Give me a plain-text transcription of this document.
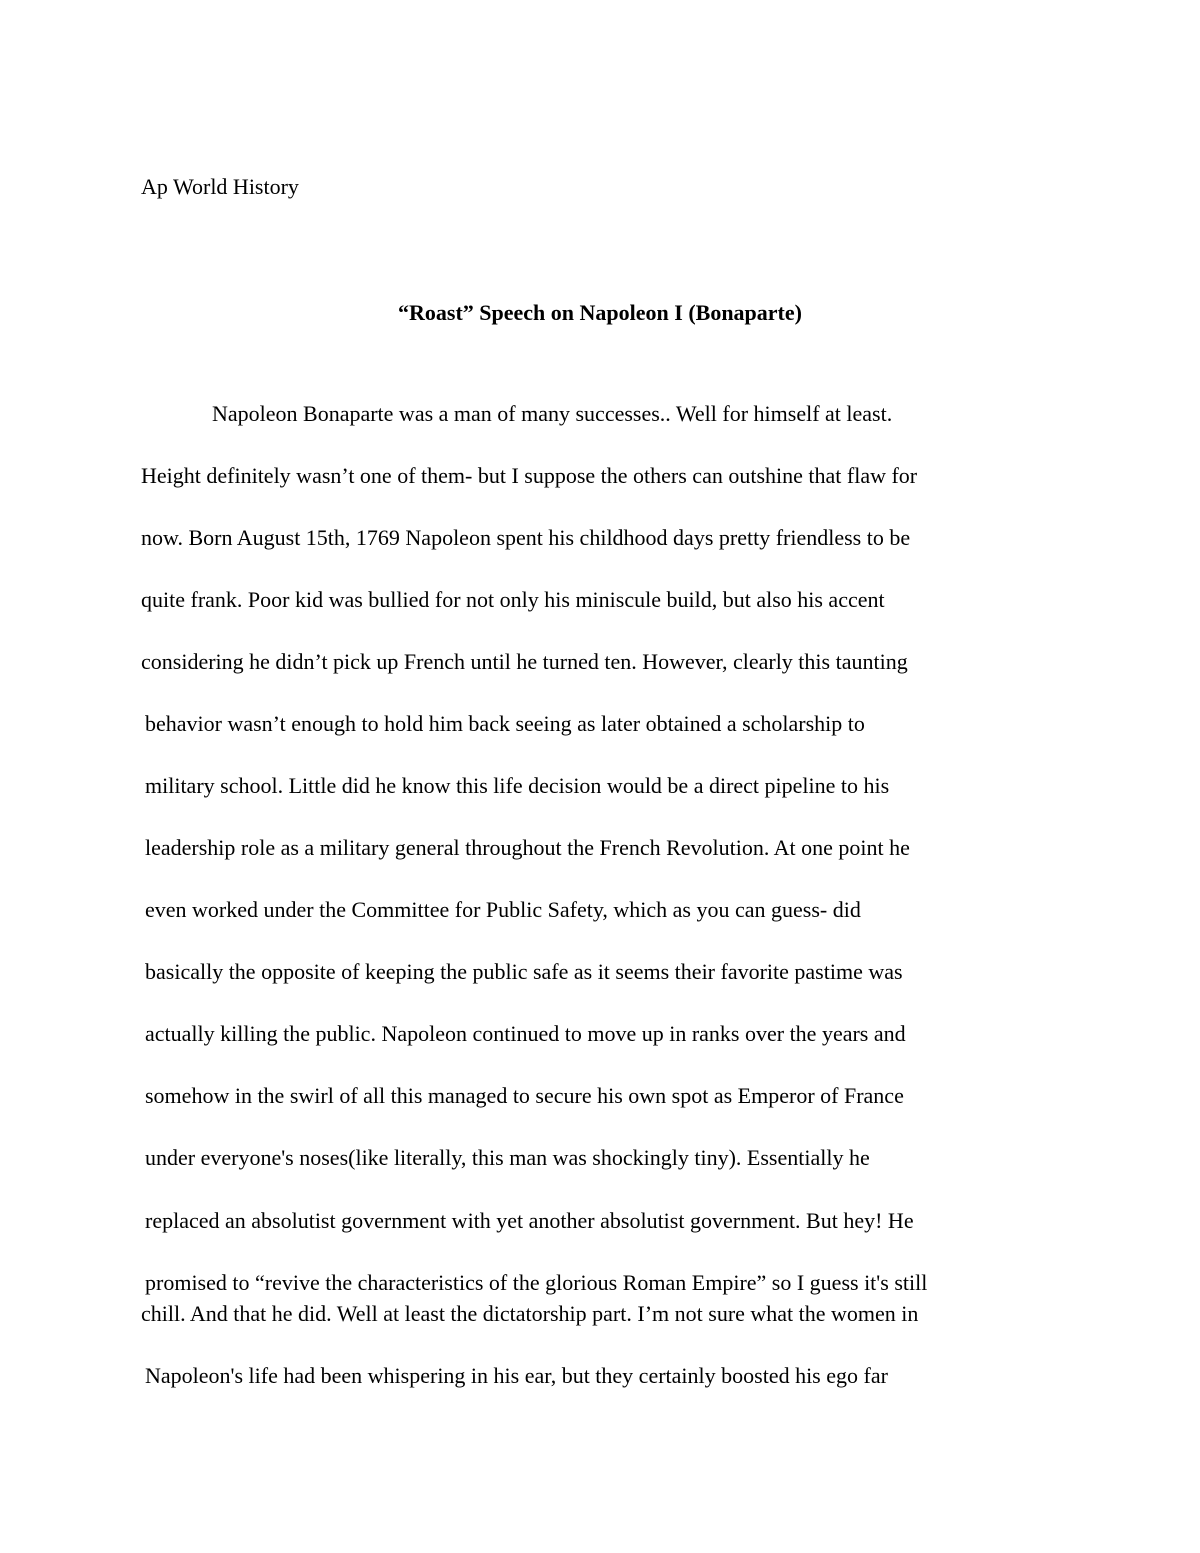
Ap World History
“Roast” Speech on Napoleon I (Bonaparte)
Napoleon Bonaparte was a man of many successes.. Well for himself at least.
Height definitely wasn’t one of them- but I suppose the others can outshine that flaw for
now. Born August 15th, 1769 Napoleon spent his childhood days pretty friendless to be
quite frank. Poor kid was bullied for not only his miniscule build, but also his accent
considering he didn’t pick up French until he turned ten. However, clearly this taunting
behavior wasn’t enough to hold him back seeing as later obtained a scholarship to
military school. Little did he know this life decision would be a direct pipeline to his
leadership role as a military general throughout the French Revolution. At one point he
even worked under the Committee for Public Safety, which as you can guess- did
basically the opposite of keeping the public safe as it seems their favorite pastime was
actually killing the public. Napoleon continued to move up in ranks over the years and
somehow in the swirl of all this managed to secure his own spot as Emperor of France
under everyone's noses(like literally, this man was shockingly tiny). Essentially he
replaced an absolutist government with yet another absolutist government. But hey! He
promised to “revive the characteristics of the glorious Roman Empire” so I guess it's still
chill. And that he did. Well at least the dictatorship part. I’m not sure what the women in
Napoleon's life had been whispering in his ear, but they certainly boosted his ego far
